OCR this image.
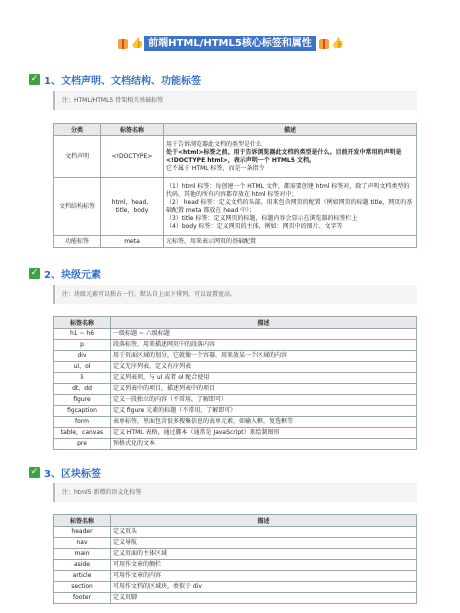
👍 前端HTML/HTML5核心标签和属性	👍
✓ 1、文档声明、文档结构、功能标签
注：HTML/HTML5 骨架相关基础标签
分类	标签名称	描述
文档声明	<!DOCTYPE>	用于告诉浏览器此文档的类型是什么
处于<html>标签之前。用于告诉浏览器此文档的类型是什么。目前开发中常用的声明是<!DOCTYPE html>，表示声明一个 HTML5 文档。
它不属于 HTML 标签，而是一条指令

文档结构标签	html，head，title，body	（1）html 标签：每创建一个 HTML 文件，都需要创建 html 标签对，除了声明文档类型的代码，其他的所有内容都存放在 html 标签对中；
（2） head 标签：定义文档的头部，用来包含网页的配置（例如网页的标题 title，网页的基础配置 meta 都放在 head 中）；
（3）title 标签：定义网页的标题，标题内容会显示在浏览器的标签栏上
（4）body 标签：定义网页的主体，例如：网页中的图片、文字等

功能标签	meta	元标签，用来表示网页的基础配置
✓ 2、块级元素
注：块级元素可以独占一行，默认自上而下排列，可以设置宽高。
标签名称	描述
h1 ~ h6	一级标题 ~ 六级标题
p	段落标签，用来描述网页中的段落内容
div	用于页面区域的划分，它就像一个容器，用来放某一个区域的内容
ul，ol	定义无序列表，定义有序列表
li	定义列表项，与 ul 或者 ol 配合使用
dt，dd	定义列表中的项目，描述列表中的项目
figure	定义一段独立的内容（不常用，了解即可）
figcaption	定义 figure 元素的标题（不常用，了解即可）
form	表单标签，里面包含很多搜集信息的表单元素，如输入框，复选框等
table，canvas	定义 HTML 表格，通过脚本（通常是 JavaScript）来绘制图形
pre	预格式化的文本
✓ 3、区块标签
注：html5 新增的语义化标签
标签名称	描述
header	定义页头
nav	定义导航
main	定义页面的主体区域
aside	可用作文章的侧栏
article	可用作文章的内容
section	可用作文档的区域块，类似于 div
footer	定义页脚
